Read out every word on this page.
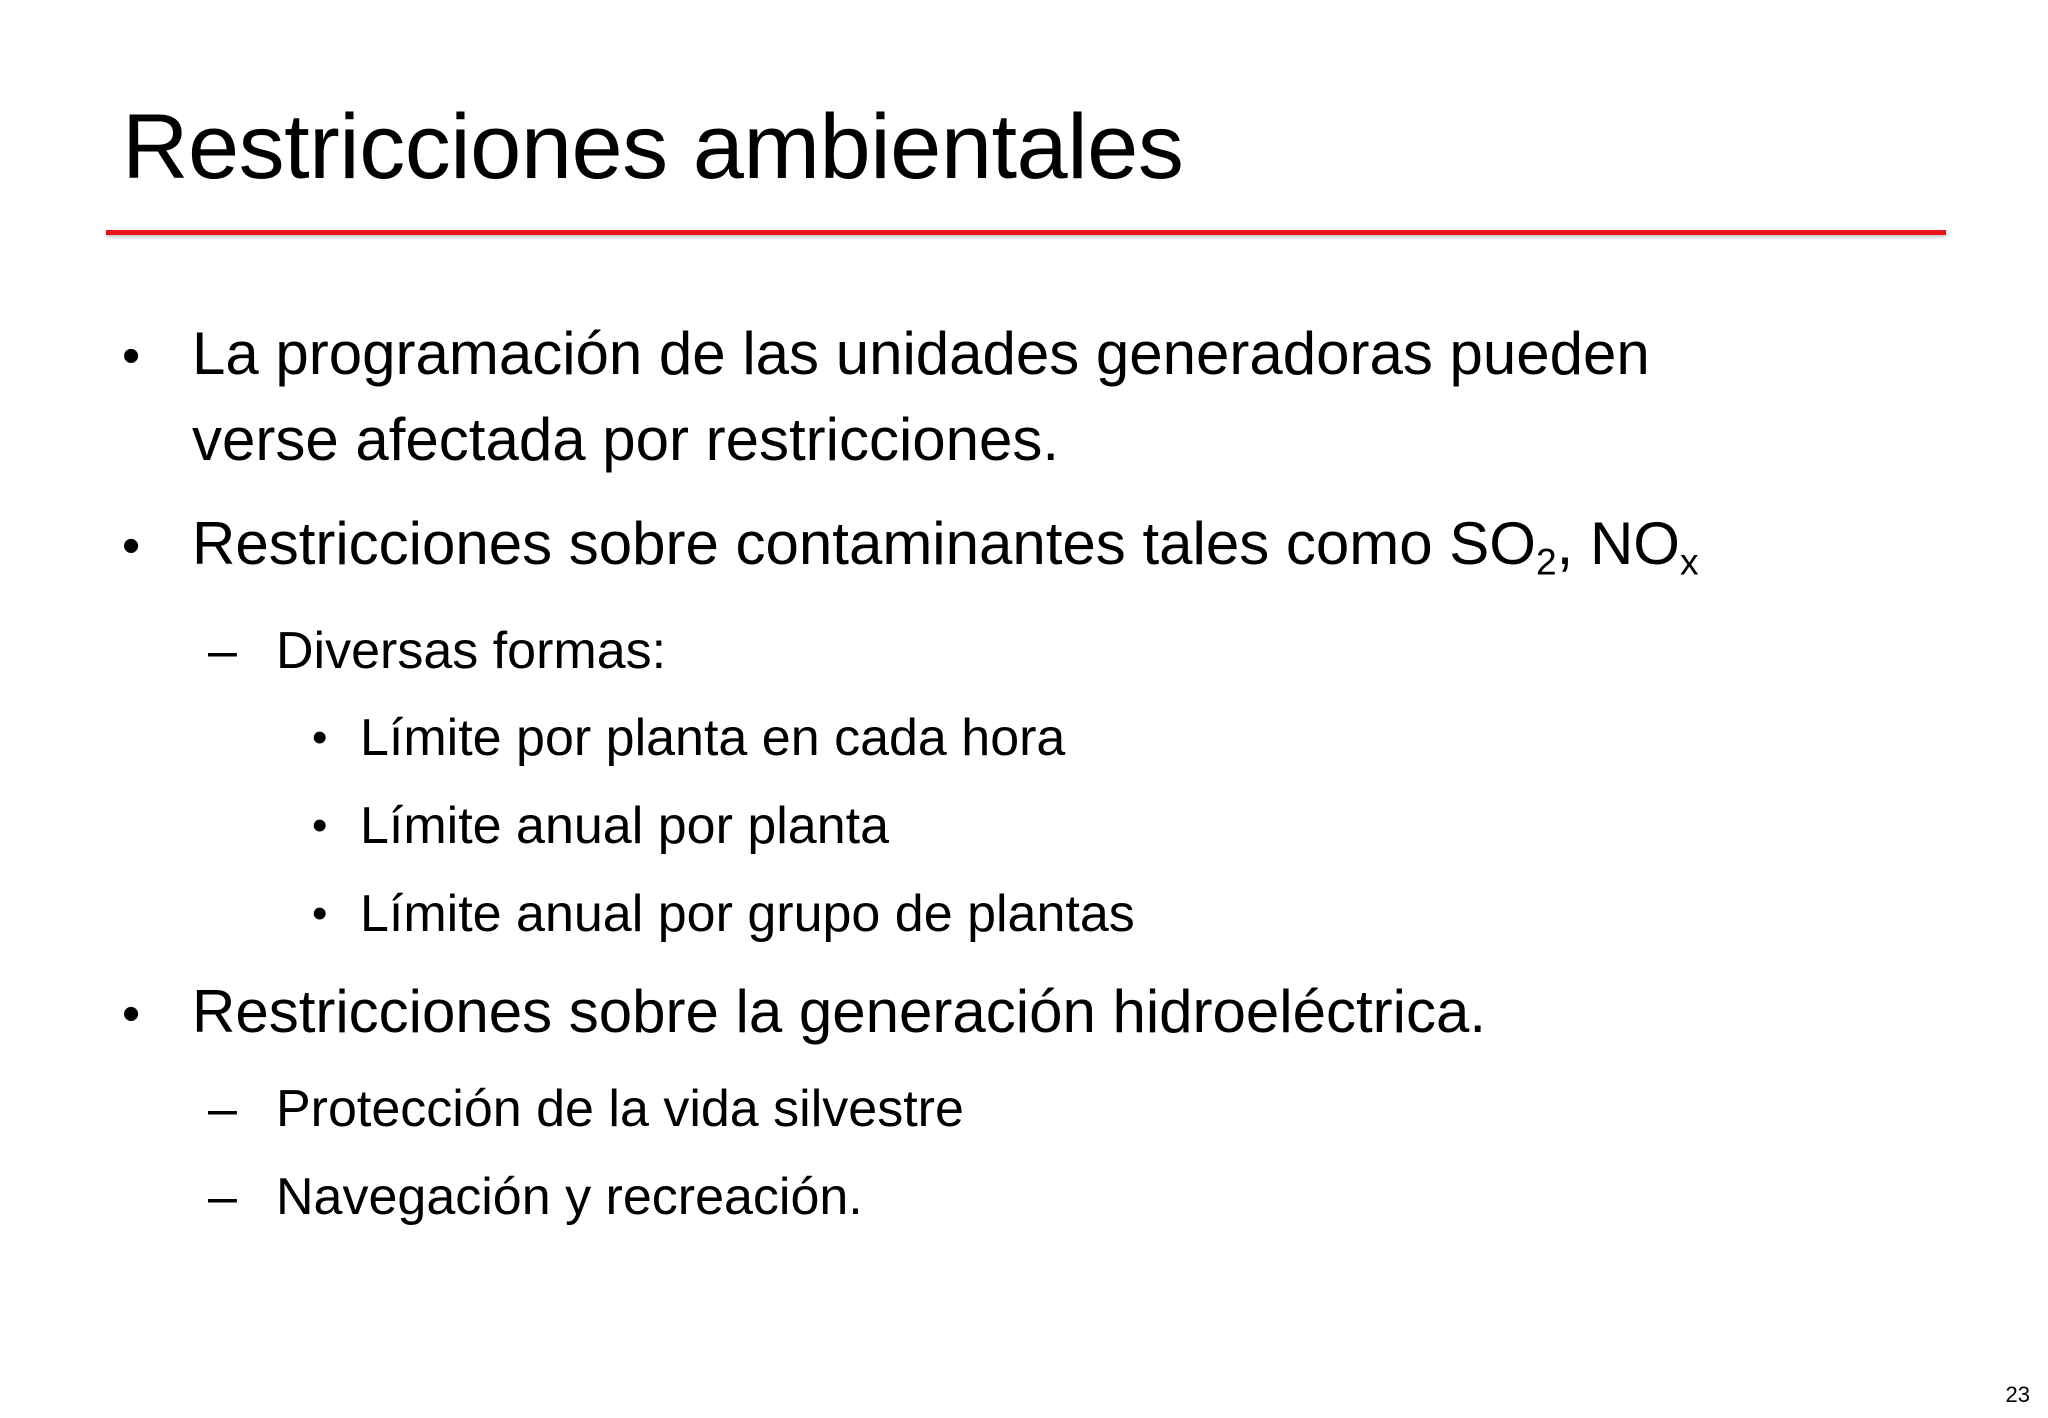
Restricciones ambientales
• La programación de las unidades generadoras pueden
verse afectada por restricciones.
• Restricciones sobre contaminantes tales como $SO_2$, $NO_x$
– Diversas formas:
• Límite por planta en cada hora
• Límite anual por planta
• Límite anual por grupo de plantas
• Restricciones sobre la generación hidroeléctrica.
– Protección de la vida silvestre
– Navegación y recreación.
23
